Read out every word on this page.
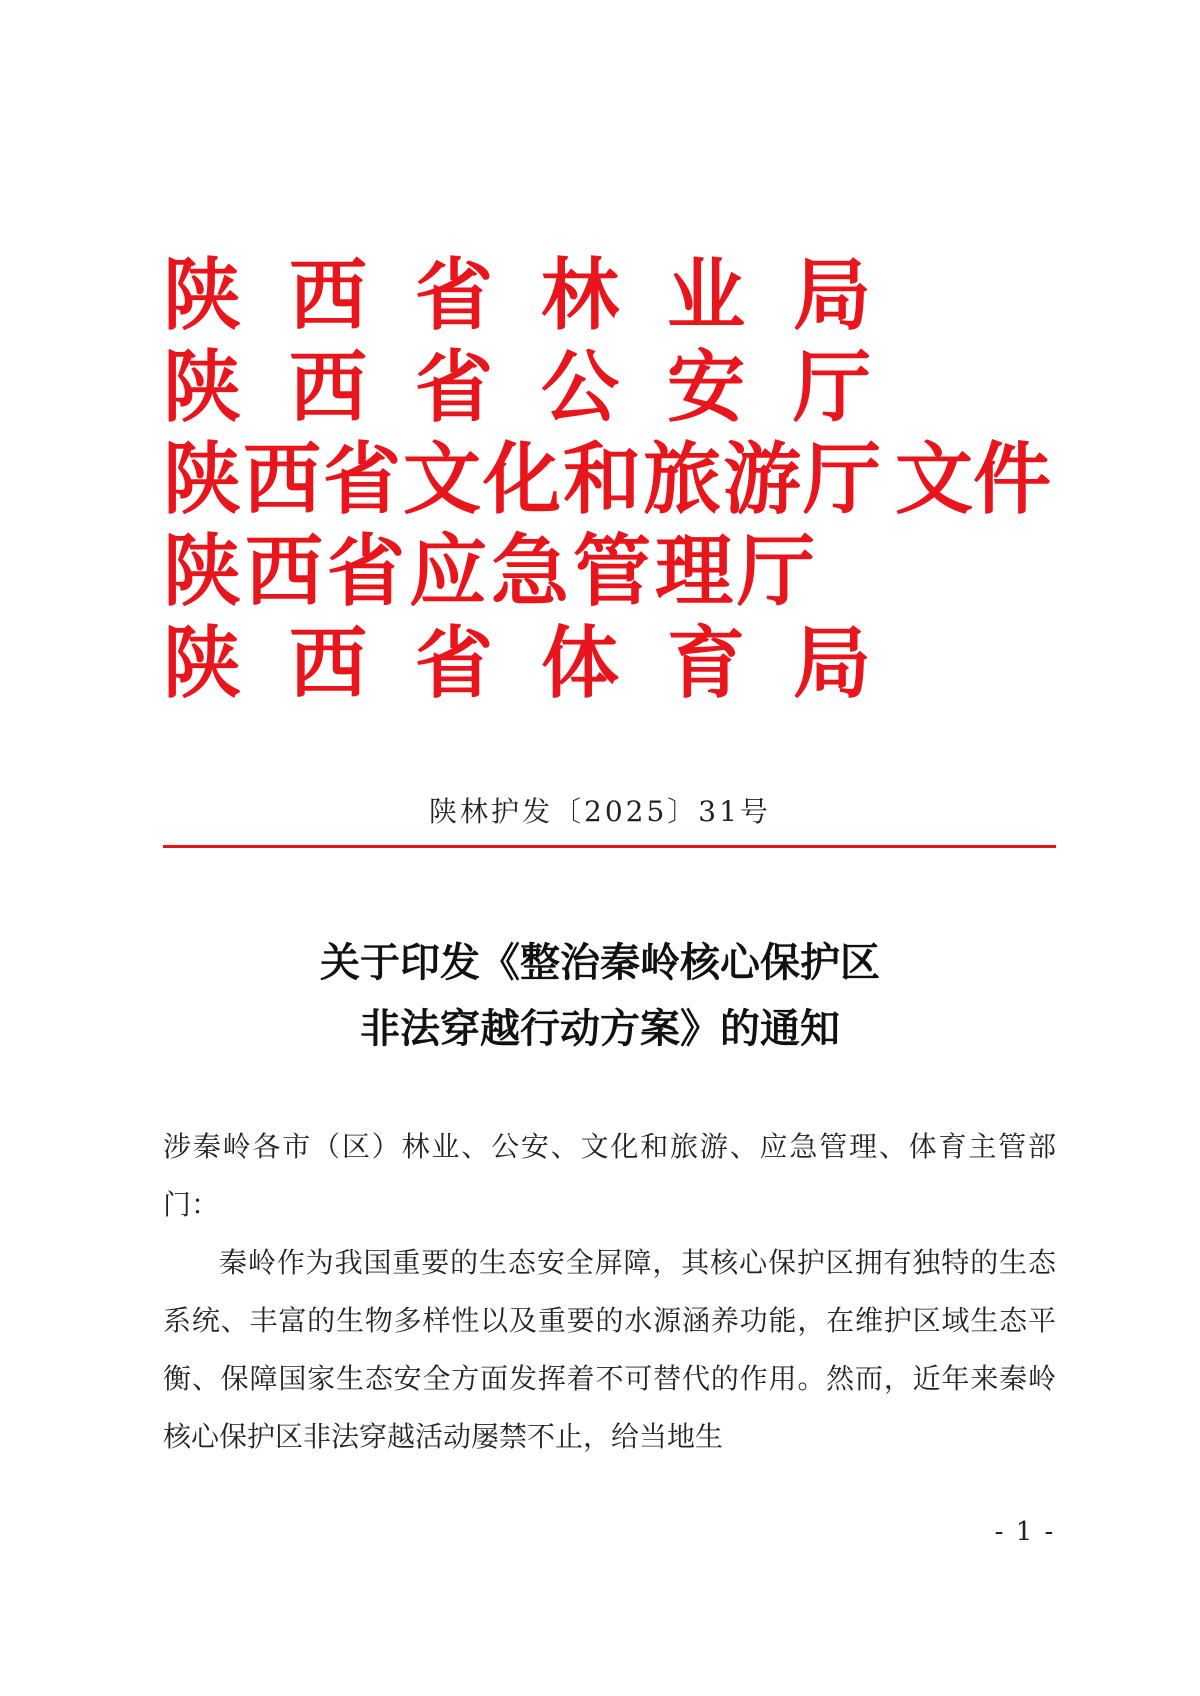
陕西省林业局
陕西省公安厅
陕西省文化和旅游厅
陕西省应急管理厅
陕西省体育局
文件
陕林护发〔2025〕31号
关于印发《整治秦岭核心保护区
非法穿越行动方案》的通知

涉秦岭各市（区）林业、公安、文化和旅游、应急管理、体育主管部门：

秦岭作为我国重要的生态安全屏障，其核心保护区拥有独特的生态系统、丰富的生物多样性以及重要的水源涵养功能，在维护区域生态平衡、保障国家生态安全方面发挥着不可替代的作用。然而，近年来秦岭核心保护区非法穿越活动屡禁不止，给当地生

- 1 -
